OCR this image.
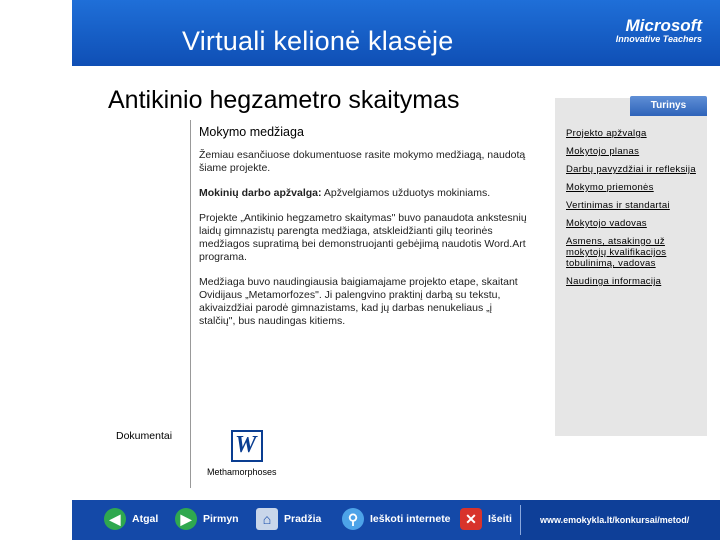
Virtuali kelionė klasėje
Microsoft
Innovative Teachers
Antikinio hegzametro skaitymas
Mokymo medžiaga

Žemiau esančiuose dokumentuose rasite mokymo medžiagą, naudotą šiame projekte.

Mokinių darbo apžvalga: Apžvelgiamos užduotys mokiniams.

Projekte „Antikinio hegzametro skaitymas" buvo panaudota ankstesnių laidų gimnazistų parengta medžiaga, atskleidžianti gilų teorinės medžiagos supratimą bei demonstruojanti gebėjimą naudotis Word.Art programa.

Medžiaga buvo naudingiausia baigiamajame projekto etape, skaitant Ovidijaus „Metamorfozes". Ji palengvino praktinį darbą su tekstu, akivaizdžiai parodė gimnazistams, kad jų darbas nenukeliaus „į stalčių", bus naudingas kitiems.

Dokumentai	W
Methamorphoses
Turinys
Projekto apžvalga
Mokytojo planas
Darbų pavyzdžiai ir refleksija
Mokymo priemonės
Vertinimas ir standartai
Mokytojo vadovas
Asmens, atsakingo už mokytojų kvalifikacijos tobulinimą, vadovas
Naudinga informacija
◀	Atgal	▶	Pirmyn	⌂	Pradžia	⚲	Ieškoti internete	✕	Išeiti	www.emokykla.lt/konkursai/metod/
